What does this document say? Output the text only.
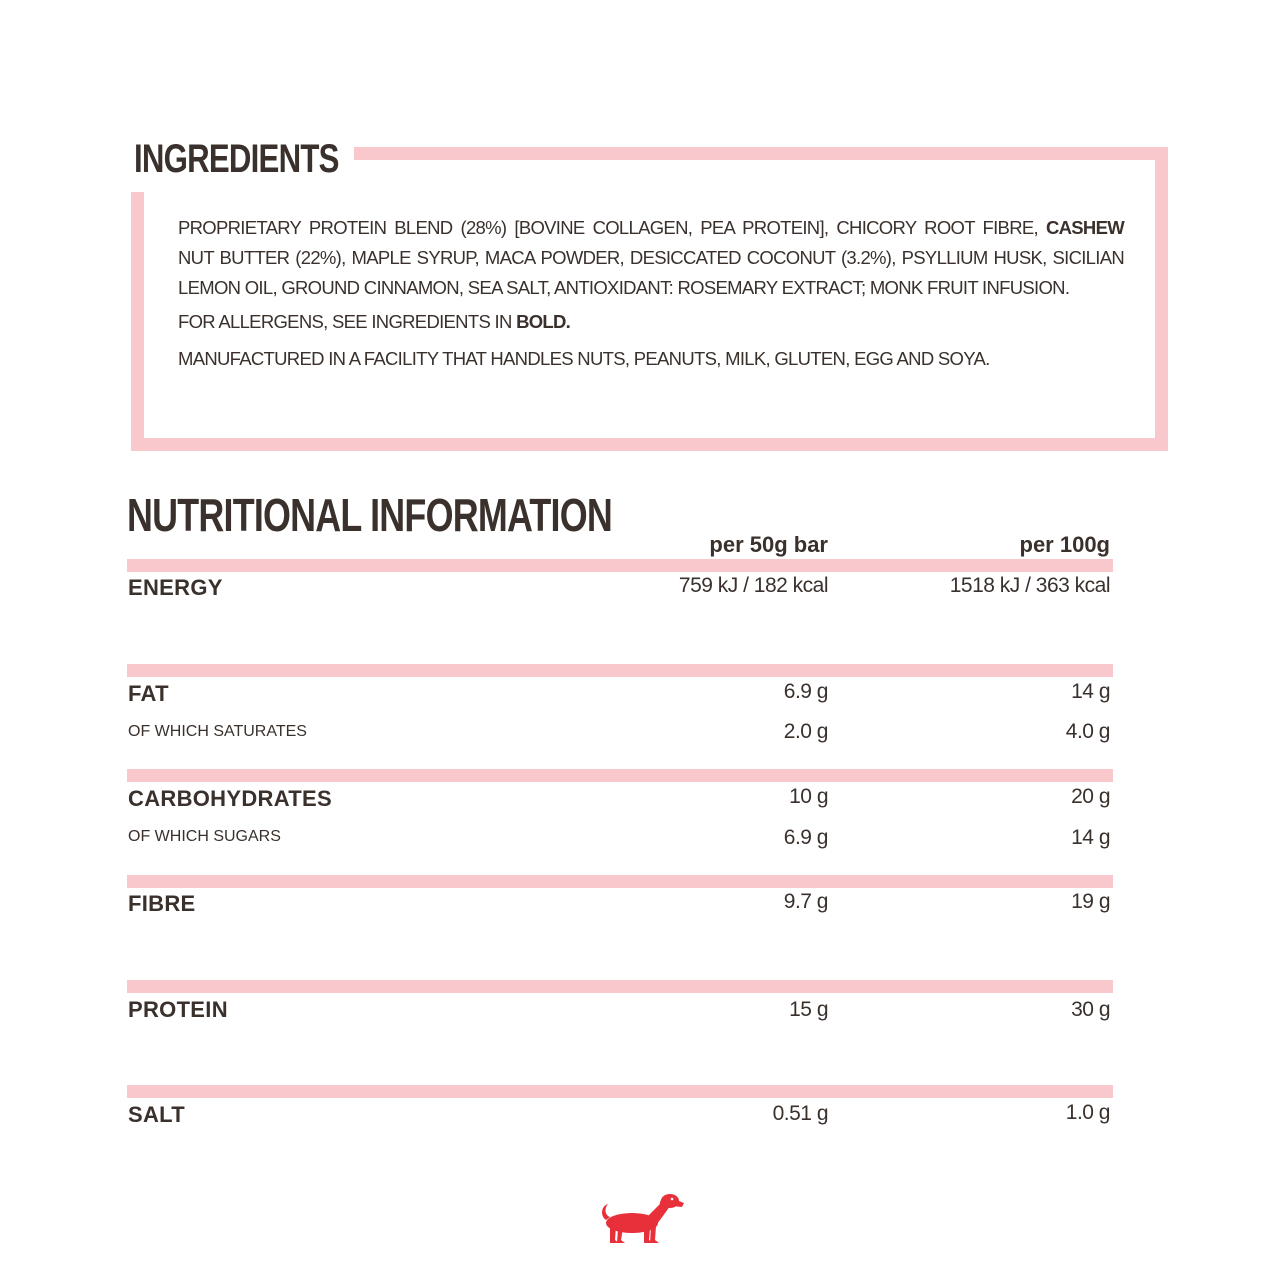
INGREDIENTS

PROPRIETARY PROTEIN BLEND (28%) [BOVINE COLLAGEN, PEA PROTEIN], CHICORY ROOT FIBRE, CASHEW NUT BUTTER (22%), MAPLE SYRUP, MACA POWDER, DESICCATED COCONUT (3.2%), PSYLLIUM HUSK, SICILIAN LEMON OIL, GROUND CINNAMON, SEA SALT, ANTIOXIDANT: ROSEMARY EXTRACT; MONK FRUIT INFUSION.

FOR ALLERGENS, SEE INGREDIENTS IN BOLD.

MANUFACTURED IN A FACILITY THAT HANDLES NUTS, PEANUTS, MILK, GLUTEN, EGG AND SOYA.

NUTRITIONAL INFORMATION
per 50g bar	per 100g
ENERGY	759 kJ / 182 kcal	1518 kJ / 363 kcal
FAT	6.9 g	14 g
OF WHICH SATURATES	2.0 g	4.0 g
CARBOHYDRATES	10 g	20 g
OF WHICH SUGARS	6.9 g	14 g
FIBRE	9.7 g	19 g
PROTEIN	15 g	30 g
SALT	0.51 g	1.0 g
